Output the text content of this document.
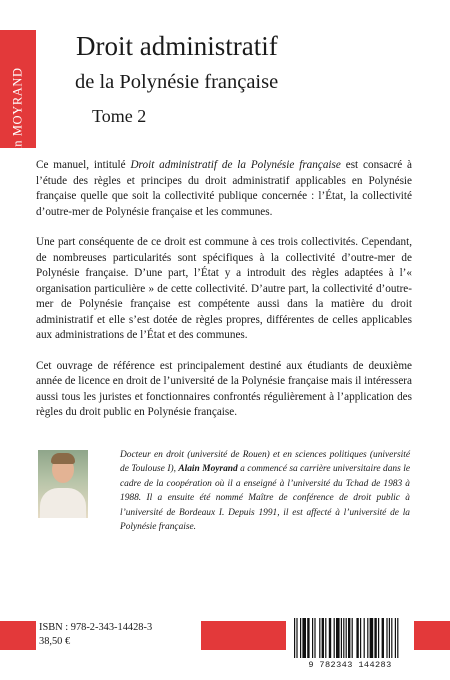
Alain MOYRAND
Droit administratif
de la Polynésie française
Tome 2

Ce manuel, intitulé Droit administratif de la Polynésie française est consacré à l’étude des règles et principes du droit administratif applicables en Polynésie française quelle que soit la collectivité publique concernée : l’État, la collectivité d’outre-mer de Polynésie française et les communes.

Une part conséquente de ce droit est commune à ces trois collectivités. Cependant, de nombreuses particularités sont spécifiques à la collectivité d’outre-mer de Polynésie française. D’une part, l’État y a introduit des règles adaptées à l’« organisation particulière » de cette collectivité. D’autre part, la collectivité d’outre-mer de Polynésie française est compétente aussi dans la matière du droit administratif et elle s’est dotée de règles propres, différentes de celles applicables aux administrations de l’État et des communes.

Cet ouvrage de référence est principalement destiné aux étudiants de deuxième année de licence en droit de l’université de la Polynésie française mais il intéressera aussi tous les juristes et fonctionnaires confrontés régulièrement à l’application des règles du droit public en Polynésie française.

Docteur en droit (université de Rouen) et en sciences politiques (université de Toulouse I), Alain Moyrand a commencé sa carrière universitaire dans le cadre de la coopération où il a enseigné à l’université du Tchad de 1983 à 1988. Il a ensuite été nommé Maître de conférence de droit public à l’université de Bordeaux I. Depuis 1991, il est affecté à l’université de la Polynésie française.

ISBN : 978-2-343-14428-3
38,50 €
9 782343 144283
